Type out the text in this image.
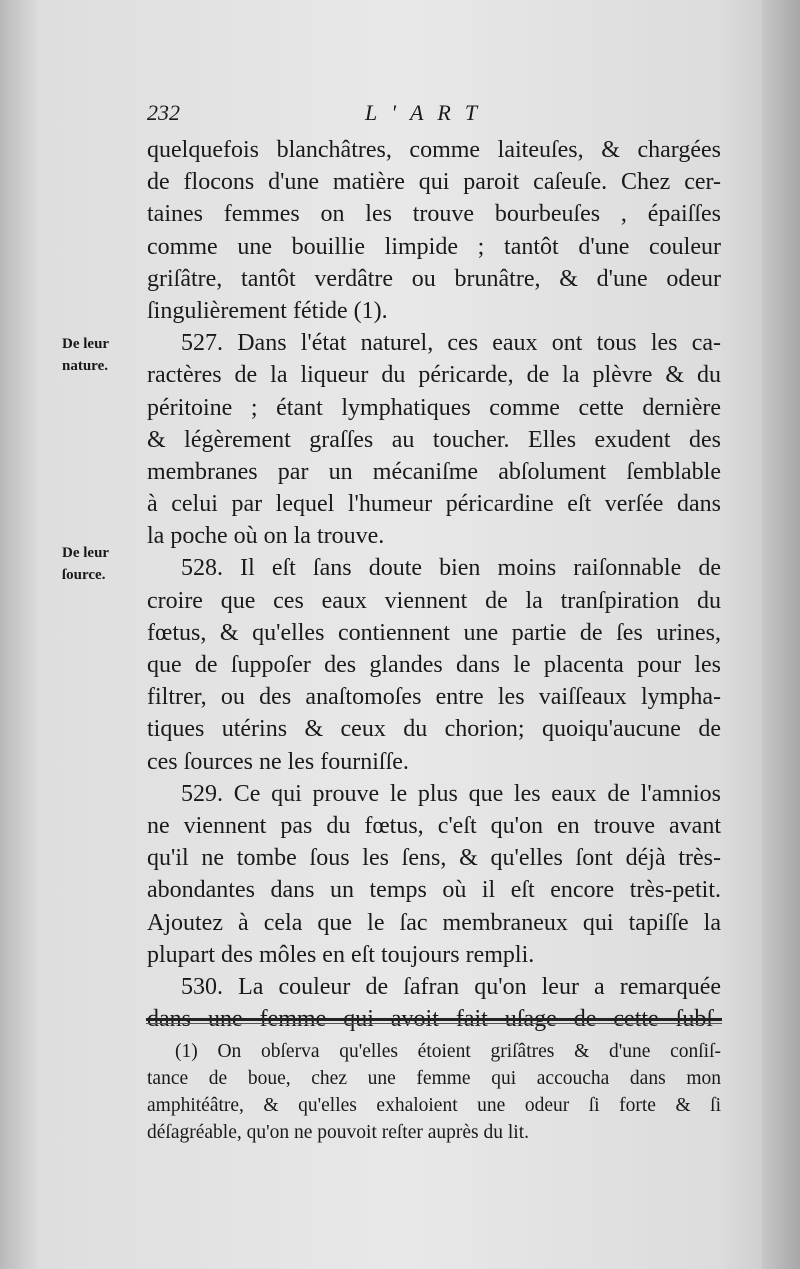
232	L'ART
De leur
nature.
De leur
ſource.
quelquefois blanchâtres, comme laiteuſes, & chargées
de flocons d'une matière qui paroit caſeuſe. Chez cer-
taines femmes on les trouve bourbeuſes , épaiſſes
comme une bouillie limpide ; tantôt d'une couleur
griſâtre, tantôt verdâtre ou brunâtre, & d'une odeur
ſingulièrement fétide (1).
527. Dans l'état naturel, ces eaux ont tous les ca-
ractères de la liqueur du péricarde, de la plèvre & du
péritoine ; étant lymphatiques comme cette dernière
& légèrement graſſes au toucher. Elles exudent des
membranes par un mécaniſme abſolument ſemblable
à celui par lequel l'humeur péricardine eſt verſée dans
la poche où on la trouve.
528. Il eſt ſans doute bien moins raiſonnable de
croire que ces eaux viennent de la tranſpiration du
fœtus, & qu'elles contiennent une partie de ſes urines,
que de ſuppoſer des glandes dans le placenta pour les
filtrer, ou des anaſtomoſes entre les vaiſſeaux lympha-
tiques utérins & ceux du chorion; quoiqu'aucune de
ces ſources ne les fourniſſe.
529. Ce qui prouve le plus que les eaux de l'amnios
ne viennent pas du fœtus, c'eſt qu'on en trouve avant
qu'il ne tombe ſous les ſens, & qu'elles ſont déjà très-
abondantes dans un temps où il eſt encore très-petit.
Ajoutez à cela que le ſac membraneux qui tapiſſe la
plupart des môles en eſt toujours rempli.
530. La couleur de ſafran qu'on leur a remarquée
(1) On obſerva qu'elles étoient griſâtres & d'une conſiſ-
tance de boue, chez une femme qui accoucha dans mon
amphitéâtre, & qu'elles exhaloient une odeur ſi forte & ſi
déſagréable, qu'on ne pouvoit reſter auprès du lit.
